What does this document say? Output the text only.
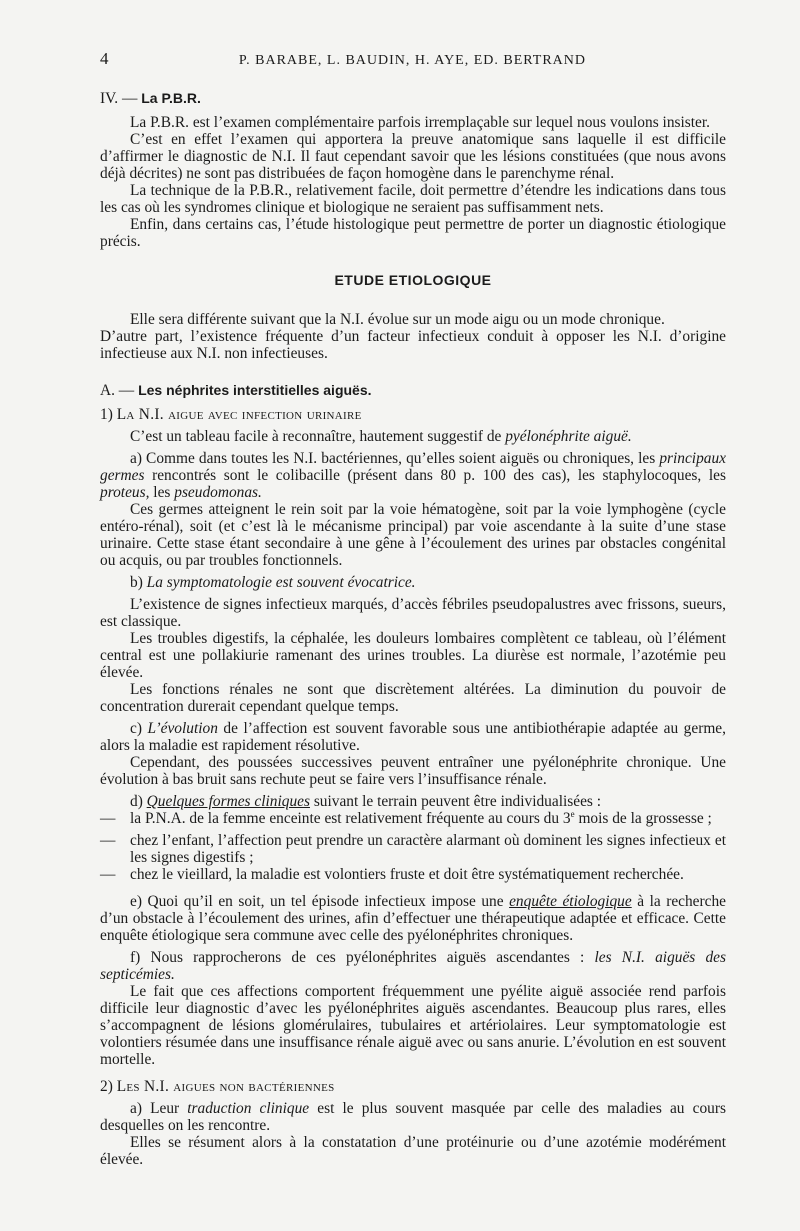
4	P. BARABE, L. BAUDIN, H. AYE, ED. BERTRAND
IV. — La P.B.R.

La P.B.R. est l’examen complémentaire parfois irremplaçable sur lequel nous voulons insister.

C’est en effet l’examen qui apportera la preuve anatomique sans laquelle il est difficile d’affirmer le diagnostic de N.I. Il faut cependant savoir que les lésions constituées (que nous avons déjà décrites) ne sont pas distribuées de façon homogène dans le parenchyme rénal.

La technique de la P.B.R., relativement facile, doit permettre d’étendre les indications dans tous les cas où les syndromes clinique et biologique ne seraient pas suffisamment nets.

Enfin, dans certains cas, l’étude histologique peut permettre de porter un diagnostic étiologique précis.

ETUDE ETIOLOGIQUE

Elle sera différente suivant que la N.I. évolue sur un mode aigu ou un mode chronique.

D’autre part, l’existence fréquente d’un facteur infectieux conduit à opposer les N.I. d’origine infectieuse aux N.I. non infectieuses.

A. — Les néphrites interstitielles aiguës.

1) La N.I. aigue avec infection urinaire

C’est un tableau facile à reconnaître, hautement suggestif de pyélonéphrite aiguë.

a) Comme dans toutes les N.I. bactériennes, qu’elles soient aiguës ou chroniques, les principaux germes rencontrés sont le colibacille (présent dans 80 p. 100 des cas), les staphylocoques, les proteus, les pseudomonas.

Ces germes atteignent le rein soit par la voie hématogène, soit par la voie lymphogène (cycle entéro-rénal), soit (et c’est là le mécanisme principal) par voie ascendante à la suite d’une stase urinaire. Cette stase étant secondaire à une gêne à l’écoulement des urines par obstacles congénital ou acquis, ou par troubles fonctionnels.

b) La symptomatologie est souvent évocatrice.

L’existence de signes infectieux marqués, d’accès fébriles pseudopalustres avec frissons, sueurs, est classique.

Les troubles digestifs, la céphalée, les douleurs lombaires complètent ce tableau, où l’élément central est une pollakiurie ramenant des urines troubles. La diurèse est normale, l’azotémie peu élevée.

Les fonctions rénales ne sont que discrètement altérées. La diminution du pouvoir de concentration durerait cependant quelque temps.

c) L’évolution de l’affection est souvent favorable sous une antibiothérapie adaptée au germe, alors la maladie est rapidement résolutive.

Cependant, des poussées successives peuvent entraîner une pyélonéphrite chronique. Une évolution à bas bruit sans rechute peut se faire vers l’insuffisance rénale.

d) Quelques formes cliniques suivant le terrain peuvent être individualisées :

— la P.N.A. de la femme enceinte est relativement fréquente au cours du 3e mois de la grossesse ;

— chez l’enfant, l’affection peut prendre un caractère alarmant où dominent les signes infectieux et les signes digestifs ;

— chez le vieillard, la maladie est volontiers fruste et doit être systématiquement recherchée.

e) Quoi qu’il en soit, un tel épisode infectieux impose une enquête étiologique à la recherche d’un obstacle à l’écoulement des urines, afin d’effectuer une thérapeutique adaptée et efficace. Cette enquête étiologique sera commune avec celle des pyélonéphrites chroniques.

f) Nous rapprocherons de ces pyélonéphrites aiguës ascendantes : les N.I. aiguës des septicémies.

Le fait que ces affections comportent fréquemment une pyélite aiguë associée rend parfois difficile leur diagnostic d’avec les pyélonéphrites aiguës ascendantes. Beaucoup plus rares, elles s’accompagnent de lésions glomérulaires, tubulaires et artériolaires. Leur symptomatologie est volontiers résumée dans une insuffisance rénale aiguë avec ou sans anurie. L’évolution en est souvent mortelle.

2) Les N.I. aigues non bactériennes

a) Leur traduction clinique est le plus souvent masquée par celle des maladies au cours desquelles on les rencontre.

Elles se résument alors à la constatation d’une protéinurie ou d’une azotémie modérément élevée.
